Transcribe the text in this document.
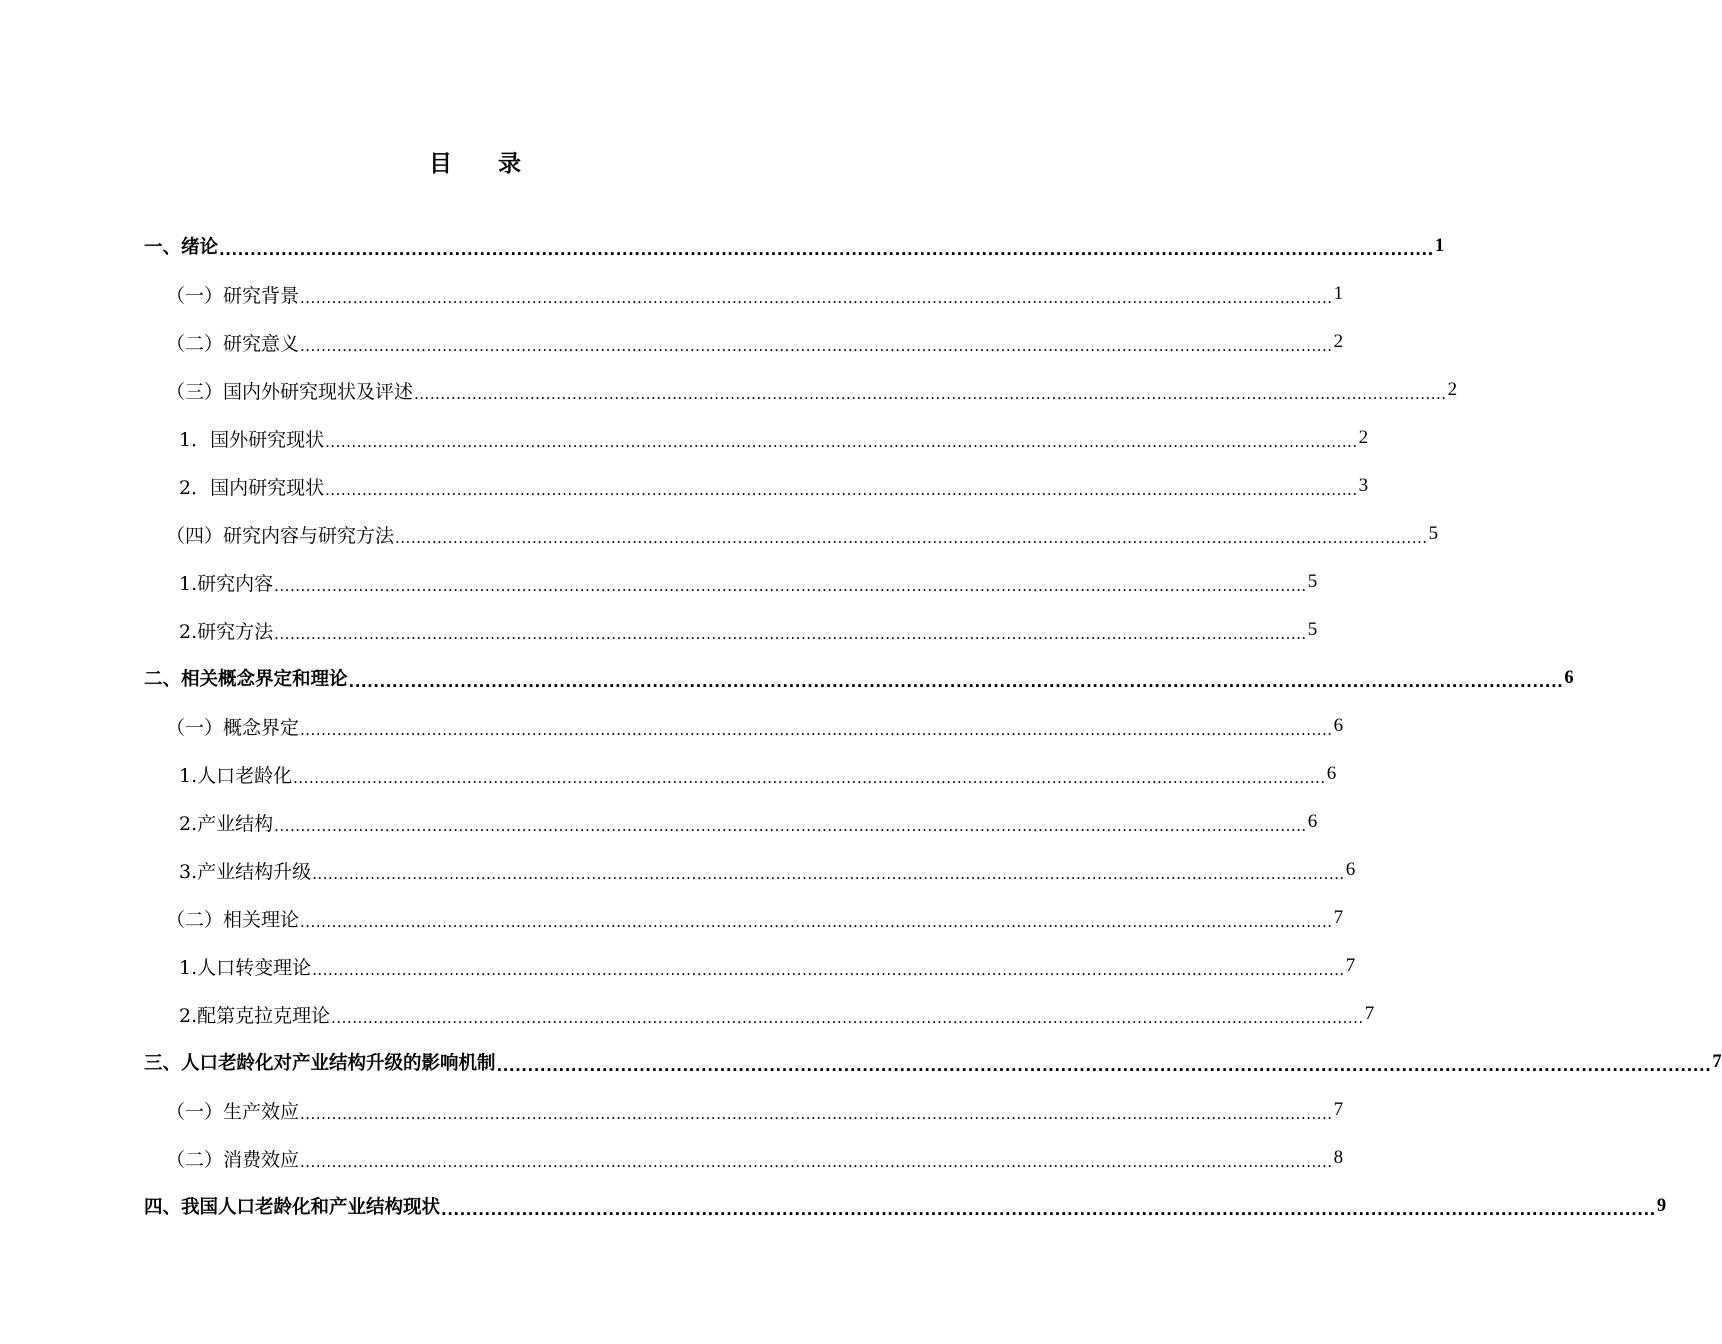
目　　录
一、绪论 .................................................................................................................................................................................................... 1
（一）研究背景 .................................................................................................................................................................................................... 1
（二）研究意义 .................................................................................................................................................................................................... 2
（三）国内外研究现状及评述 .................................................................................................................................................................................................... 2
1．国外研究现状 .................................................................................................................................................................................................... 2
2．国内研究现状 .................................................................................................................................................................................................... 3
（四）研究内容与研究方法 .................................................................................................................................................................................................... 5
1.研究内容 .................................................................................................................................................................................................... 5
2.研究方法 .................................................................................................................................................................................................... 5
二、相关概念界定和理论 .................................................................................................................................................................................................... 6
（一）概念界定 .................................................................................................................................................................................................... 6
1.人口老龄化 .................................................................................................................................................................................................... 6
2.产业结构 .................................................................................................................................................................................................... 6
3.产业结构升级 .................................................................................................................................................................................................... 6
（二）相关理论 .................................................................................................................................................................................................... 7
1.人口转变理论 .................................................................................................................................................................................................... 7
2.配第克拉克理论 .................................................................................................................................................................................................... 7
三、人口老龄化对产业结构升级的影响机制 .................................................................................................................................................................................................... 7
（一）生产效应 .................................................................................................................................................................................................... 7
（二）消费效应 .................................................................................................................................................................................................... 8
四、我国人口老龄化和产业结构现状 .................................................................................................................................................................................................... 9
